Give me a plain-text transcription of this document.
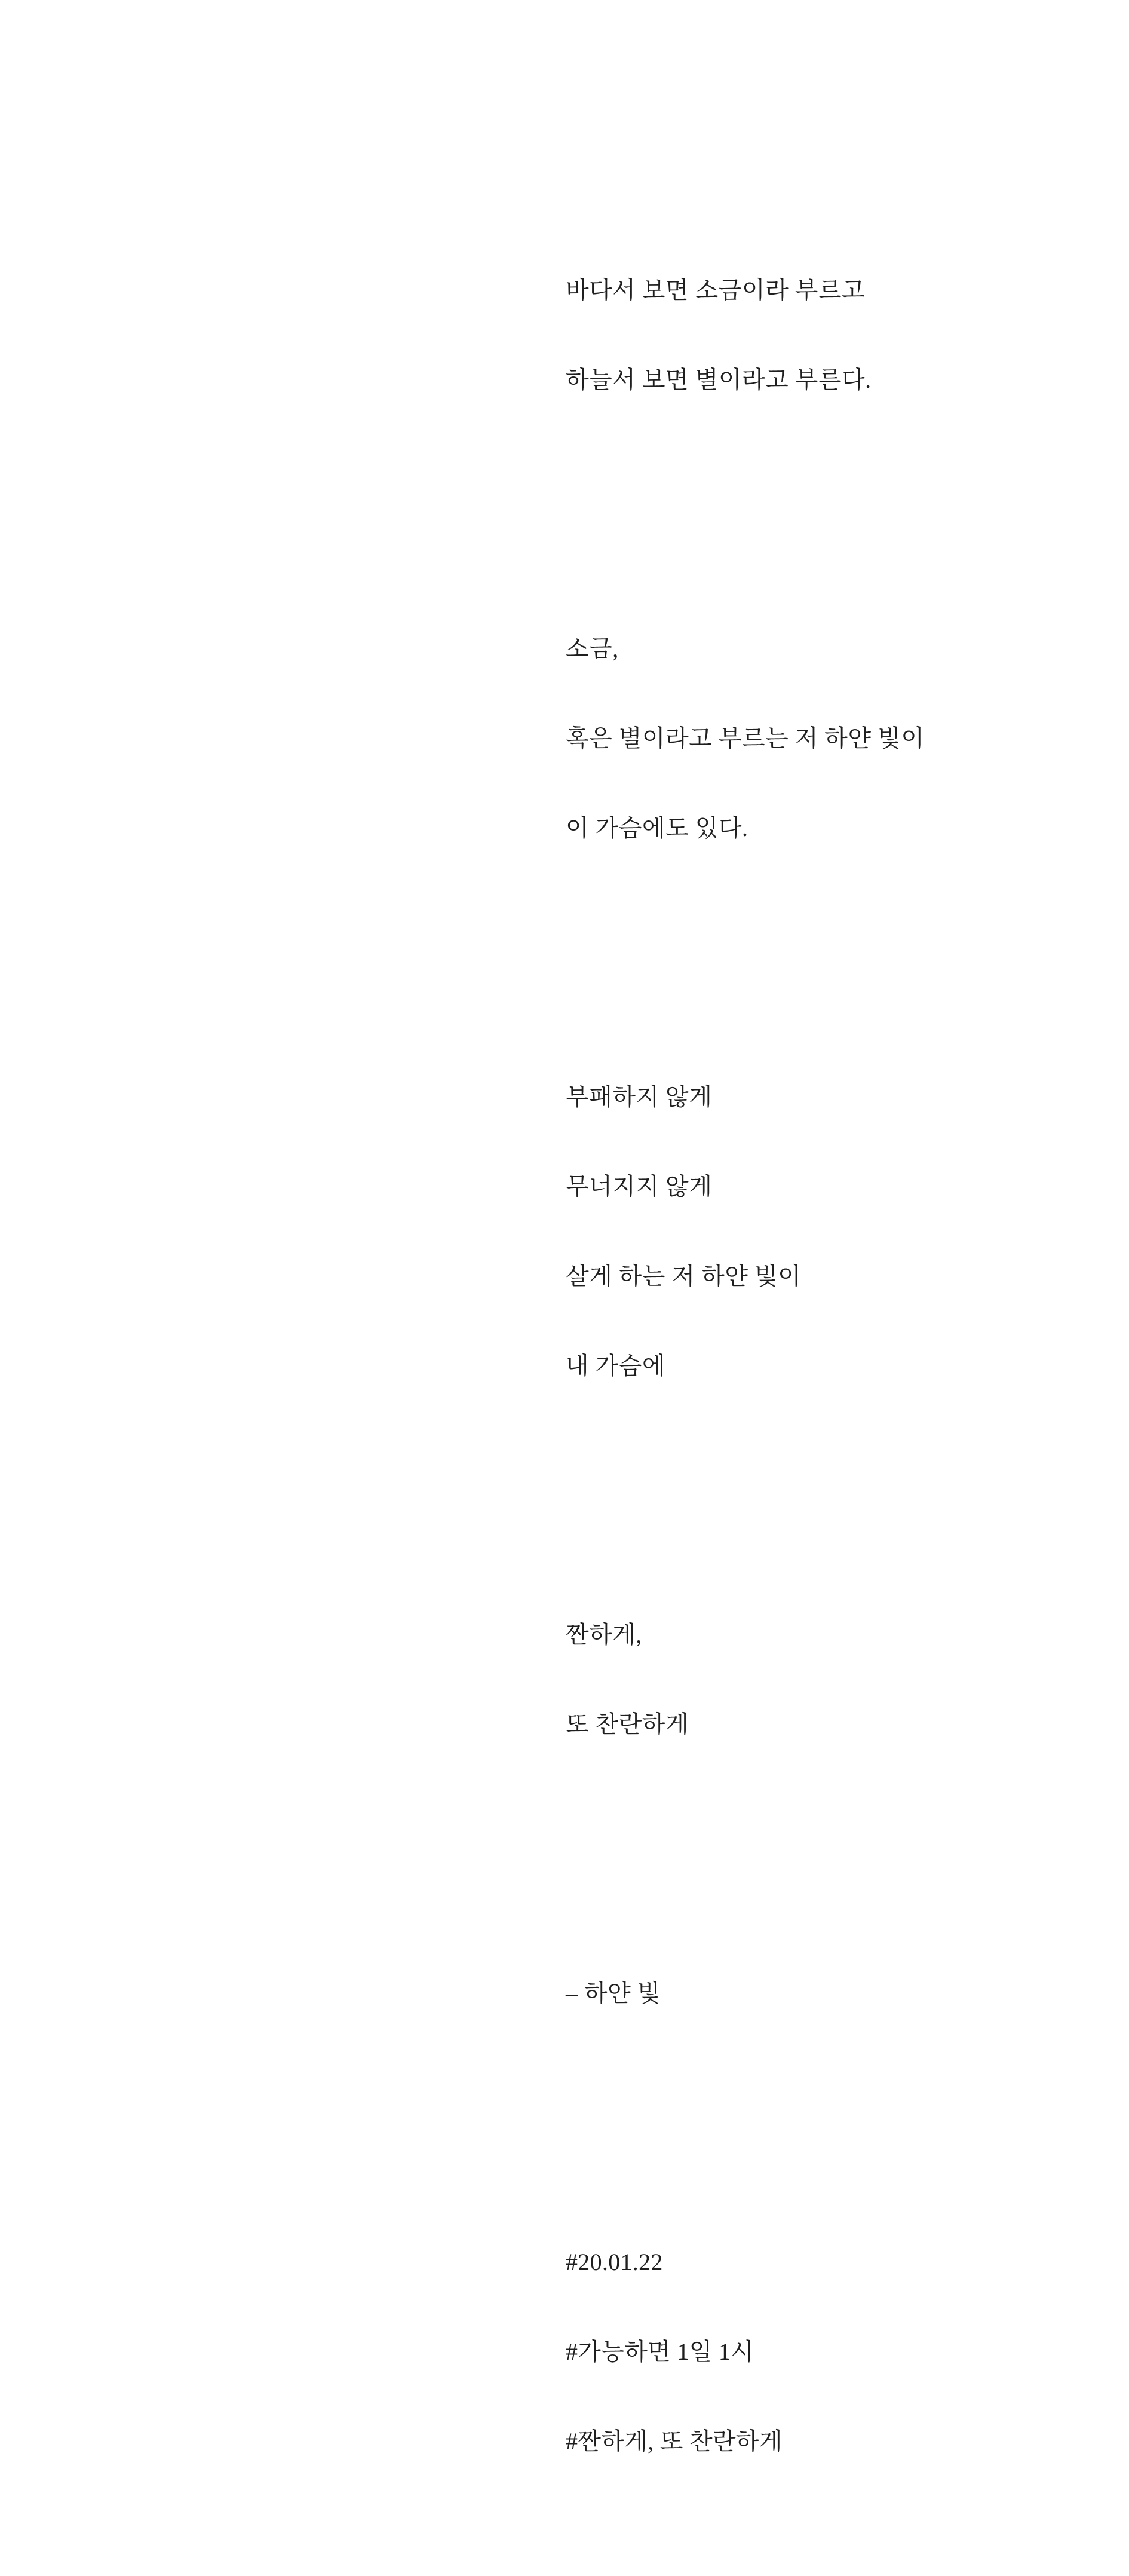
바다서 보면 소금이라 부르고

하늘서 보면 별이라고 부른다.

소금,

혹은 별이라고 부르는 저 하얀 빛이

이 가슴에도 있다.

부패하지 않게

무너지지 않게

살게 하는 저 하얀 빛이

내 가슴에

짠하게,

또 찬란하게

– 하얀 빛

#20.01.22

#가능하면 1일 1시

#짠하게, 또 찬란하게
